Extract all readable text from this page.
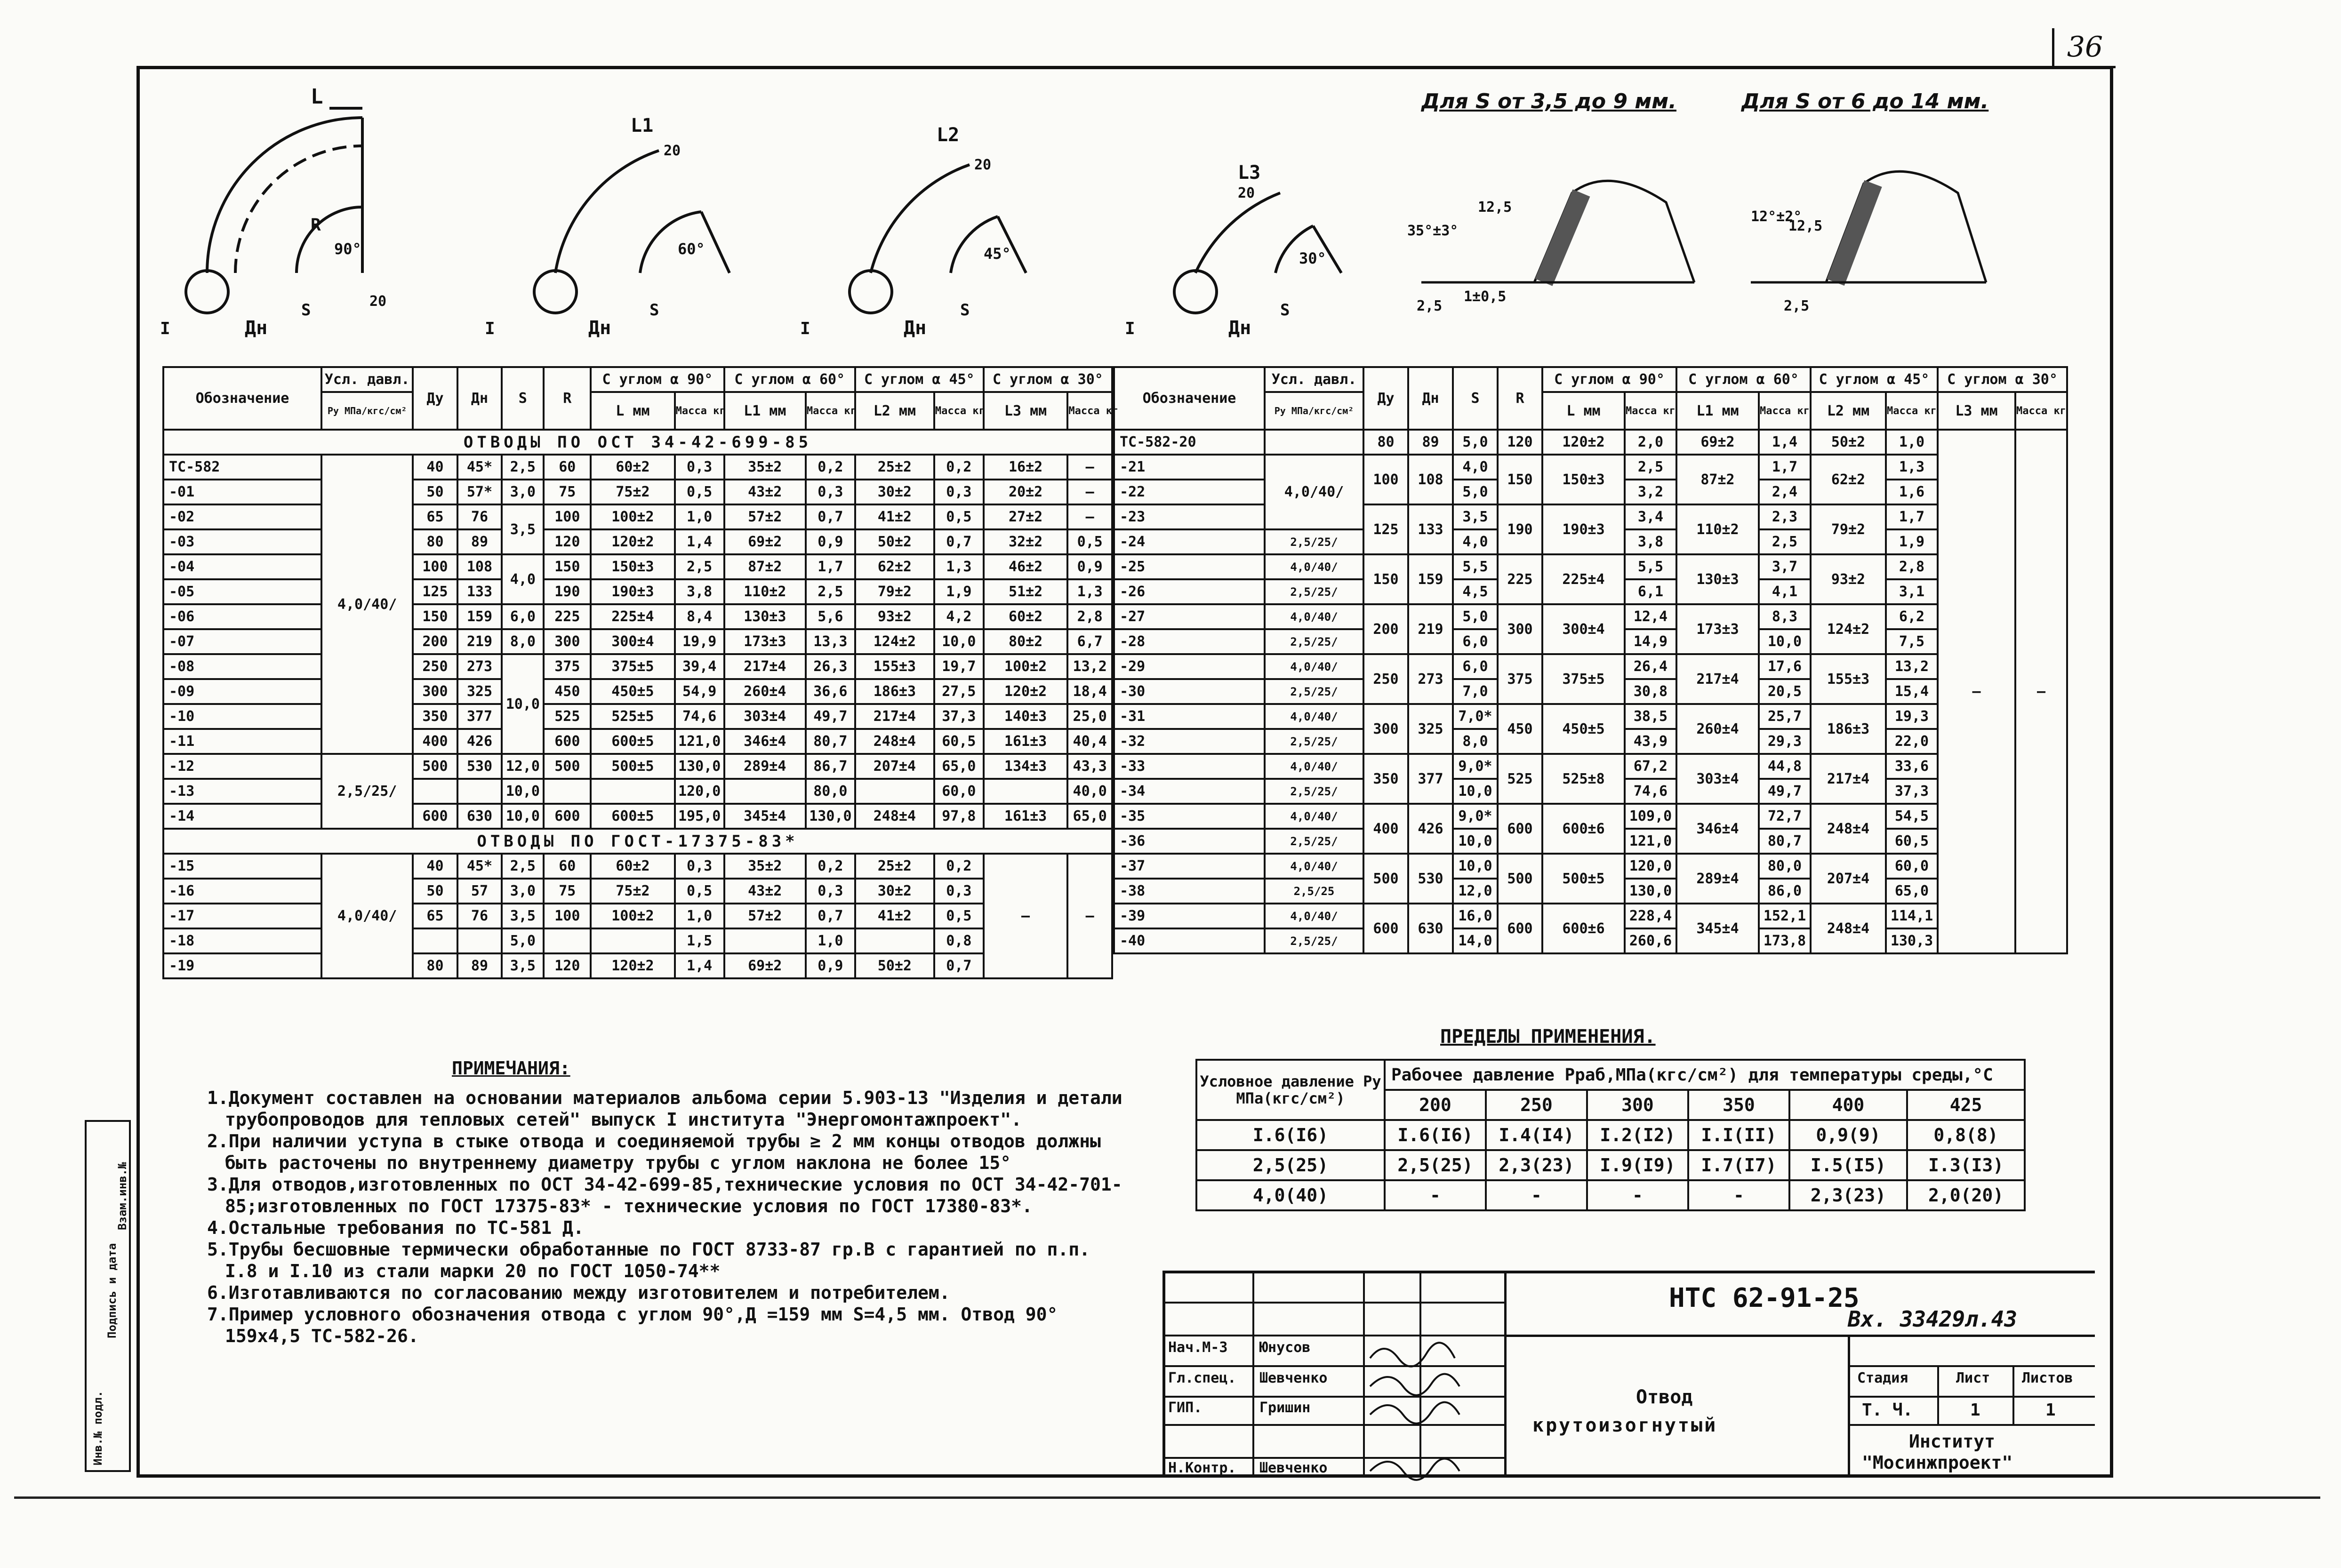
36
Инв.№ подл.
Подпись и дата
Взам.инв.№
Для S от 3,5 до 9 мм.	Для S от 6 до 14 мм.
L
L1	L2
L3
Дн	Дн	Дн	Дн
S	S	S	S
R
90°	60°	45°	30°
I	I	I	I
20
20
20
20
35°±3°
12,5
2,5
1±0,5
12°±2°
12,5
2,5
Обозначение	Усл. давл.	Ду	Дн	S	R	С углом α 90°		С углом α 60°		С углом α 45°		С углом α 30°	
	Py МПа/кгс/см²					L мм	Масса кг	L1 мм	Масса кг	L2 мм	Масса кг	L3 мм	Масса кг
ОТВОДЫ ПО ОСТ 34-42-699-85													
ТС-582	4,0/40/	40	45*	2,5	60	60±2	0,3	35±2	0,2	25±2	0,2	16±2	—
-01		50	57*	3,0	75	75±2	0,5	43±2	0,3	30±2	0,3	20±2	—
-02		65	76	3,5	100	100±2	1,0	57±2	0,7	41±2	0,5	27±2	—
-03		80	89		120	120±2	1,4	69±2	0,9	50±2	0,7	32±2	0,5
-04		100	108	4,0	150	150±3	2,5	87±2	1,7	62±2	1,3	46±2	0,9
-05		125	133		190	190±3	3,8	110±2	2,5	79±2	1,9	51±2	1,3
-06		150	159	6,0	225	225±4	8,4	130±3	5,6	93±2	4,2	60±2	2,8
-07		200	219	8,0	300	300±4	19,9	173±3	13,3	124±2	10,0	80±2	6,7
-08		250	273	10,0	375	375±5	39,4	217±4	26,3	155±3	19,7	100±2	13,2
-09		300	325		450	450±5	54,9	260±4	36,6	186±3	27,5	120±2	18,4
-10		350	377		525	525±5	74,6	303±4	49,7	217±4	37,3	140±3	25,0
-11		400	426		600	600±5	121,0	346±4	80,7	248±4	60,5	161±3	40,4
-12	2,5/25/	500	530	12,0	500	500±5	130,0	289±4	86,7	207±4	65,0	134±3	43,3
-13				10,0			120,0		80,0		60,0		40,0
-14		600	630	10,0	600	600±5	195,0	345±4	130,0	248±4	97,8	161±3	65,0
ОТВОДЫ ПО ГОСТ-17375-83*													
-15	4,0/40/	40	45*	2,5	60	60±2	0,3	35±2	0,2	25±2	0,2	—	—
-16		50	57	3,0	75	75±2	0,5	43±2	0,3	30±2	0,3		
-17		65	76	3,5	100	100±2	1,0	57±2	0,7	41±2	0,5		
-18				5,0			1,5		1,0		0,8		
-19		80	89	3,5	120	120±2	1,4	69±2	0,9	50±2	0,7		
Обозначение	Усл. давл.	Ду	Дн	S	R	С углом α 90°		С углом α 60°		С углом α 45°		С углом α 30°	
	Py МПа/кгс/см²					L мм	Масса кг	L1 мм	Масса кг	L2 мм	Масса кг	L3 мм	Масса кг
ТС-582-20		80	89	5,0	120	120±2	2,0	69±2	1,4	50±2	1,0	—	—
-21	4,0/40/	100	108	4,0	150	150±3	2,5	87±2	1,7	62±2	1,3		
-22				5,0			3,2		2,4		1,6		
-23		125	133	3,5	190	190±3	3,4	110±2	2,3	79±2	1,7		
-24	2,5/25/			4,0			3,8		2,5		1,9		
-25	4,0/40/	150	159	5,5	225	225±4	5,5	130±3	3,7	93±2	2,8		
-26	2,5/25/			4,5			6,1		4,1		3,1		
-27	4,0/40/	200	219	5,0	300	300±4	12,4	173±3	8,3	124±2	6,2		
-28	2,5/25/			6,0			14,9		10,0		7,5		
-29	4,0/40/	250	273	6,0	375	375±5	26,4	217±4	17,6	155±3	13,2		
-30	2,5/25/			7,0			30,8		20,5		15,4		
-31	4,0/40/	300	325	7,0*	450	450±5	38,5	260±4	25,7	186±3	19,3		
-32	2,5/25/			8,0			43,9		29,3		22,0		
-33	4,0/40/	350	377	9,0*	525	525±8	67,2	303±4	44,8	217±4	33,6		
-34	2,5/25/			10,0			74,6		49,7		37,3		
-35	4,0/40/	400	426	9,0*	600	600±6	109,0	346±4	72,7	248±4	54,5		
-36	2,5/25/			10,0			121,0		80,7		60,5		
-37	4,0/40/	500	530	10,0	500	500±5	120,0	289±4	80,0	207±4	60,0		
-38	2,5/25			12,0			130,0		86,0		65,0		
-39	4,0/40/	600	630	16,0	600	600±6	228,4	345±4	152,1	248±4	114,1		
-40	2,5/25/			14,0			260,6		173,8		130,3		
ПРИМЕЧАНИЯ:

1.Документ составлен на основании материалов альбома серии 5.903-13 "Изделия и детали трубопроводов для тепловых сетей" выпуск I института "Энергомонтажпроект".

2.При наличии уступа в стыке отвода и соединяемой трубы ≥ 2 мм концы отводов должны быть расточены по внутреннему диаметру трубы с углом наклона не более 15°

3.Для отводов,изготовленных по ОСТ 34-42-699-85,технические условия по ОСТ 34-42-701-85;изготовленных по ГОСТ 17375-83* - технические условия по ГОСТ 17380-83*.

4.Остальные требования по ТС-581 Д.

5.Трубы бесшовные термически обработанные по ГОСТ 8733-87 гр.В с гарантией по п.п. I.8 и I.10 из стали марки 20 по ГОСТ 1050-74**

6.Изготавливаются по согласованию между изготовителем и потребителем.

7.Пример условного обозначения отвода с углом 90°,Д =159 мм S=4,5 мм. Отвод 90° 159х4,5 ТС-582-26.

ПРЕДЕЛЫ ПРИМЕНЕНИЯ.
Условное давление Py МПа(кгс/см²)	Рабочее давление Рраб,МПа(кгс/см²) для температуры среды,°С					
	200	250	300	350	400	425
I.6(I6)	I.6(I6)	I.4(I4)	I.2(I2)	I.I(II)	0,9(9)	0,8(8)
2,5(25)	2,5(25)	2,3(23)	I.9(I9)	I.7(I7)	I.5(I5)	I.3(I3)
4,0(40)	-	-	-	-	2,3(23)	2,0(20)
НТС 62-91-25
Вх. 33429л.43
Отвод
крутоизогнутый
Стадия	Лист Листов
Т. Ч.	1	1
Институт
"Мосинжпроект"
Нач.М-3 Юнусов
Гл.спец. Шевченко
ГИП.	Гришин
Н.Контр. Шевченко
